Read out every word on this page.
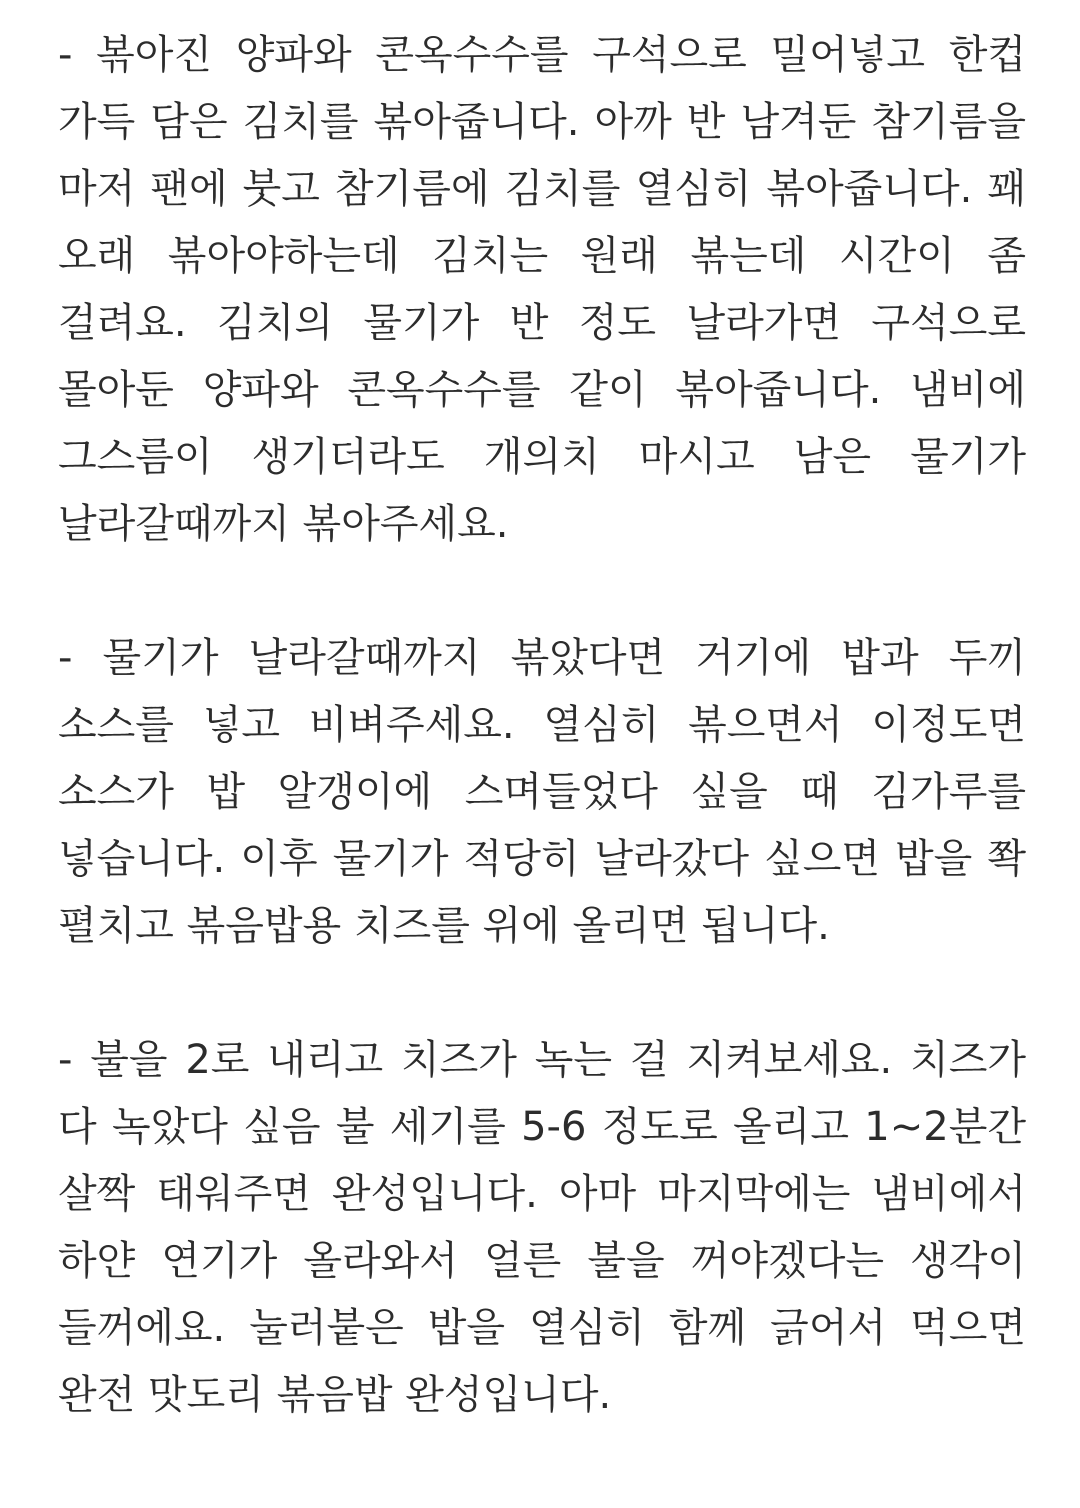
- 볶아진 양파와 콘옥수수를 구석으로 밀어넣고 한컵 가득 담은 김치를 볶아줍니다. 아까 반 남겨둔 참기름을 마저 팬에 붓고 참기름에 김치를 열심히 볶아줍니다. 꽤 오래 볶아야하는데 김치는 원래 볶는데 시간이 좀 걸려요. 김치의 물기가 반 정도 날라가면 구석으로 몰아둔 양파와 콘옥수수를 같이 볶아줍니다. 냄비에 그스름이 생기더라도 개의치 마시고 남은 물기가 날라갈때까지 볶아주세요.

- 물기가 날라갈때까지 볶았다면 거기에 밥과 두끼 소스를 넣고 비벼주세요. 열심히 볶으면서 이정도면 소스가 밥 알갱이에 스며들었다 싶을 때 김가루를 넣습니다. 이후 물기가 적당히 날라갔다 싶으면 밥을 쫙 펼치고 볶음밥용 치즈를 위에 올리면 됩니다.

- 불을 2로 내리고 치즈가 녹는 걸 지켜보세요. 치즈가 다 녹았다 싶음 불 세기를 5-6 정도로 올리고 1~2분간 살짝 태워주면 완성입니다. 아마 마지막에는 냄비에서 하얀 연기가 올라와서 얼른 불을 꺼야겠다는 생각이 들꺼에요. 눌러붙은 밥을 열심히 함께 긁어서 먹으면 완전 맛도리 볶음밥 완성입니다.
